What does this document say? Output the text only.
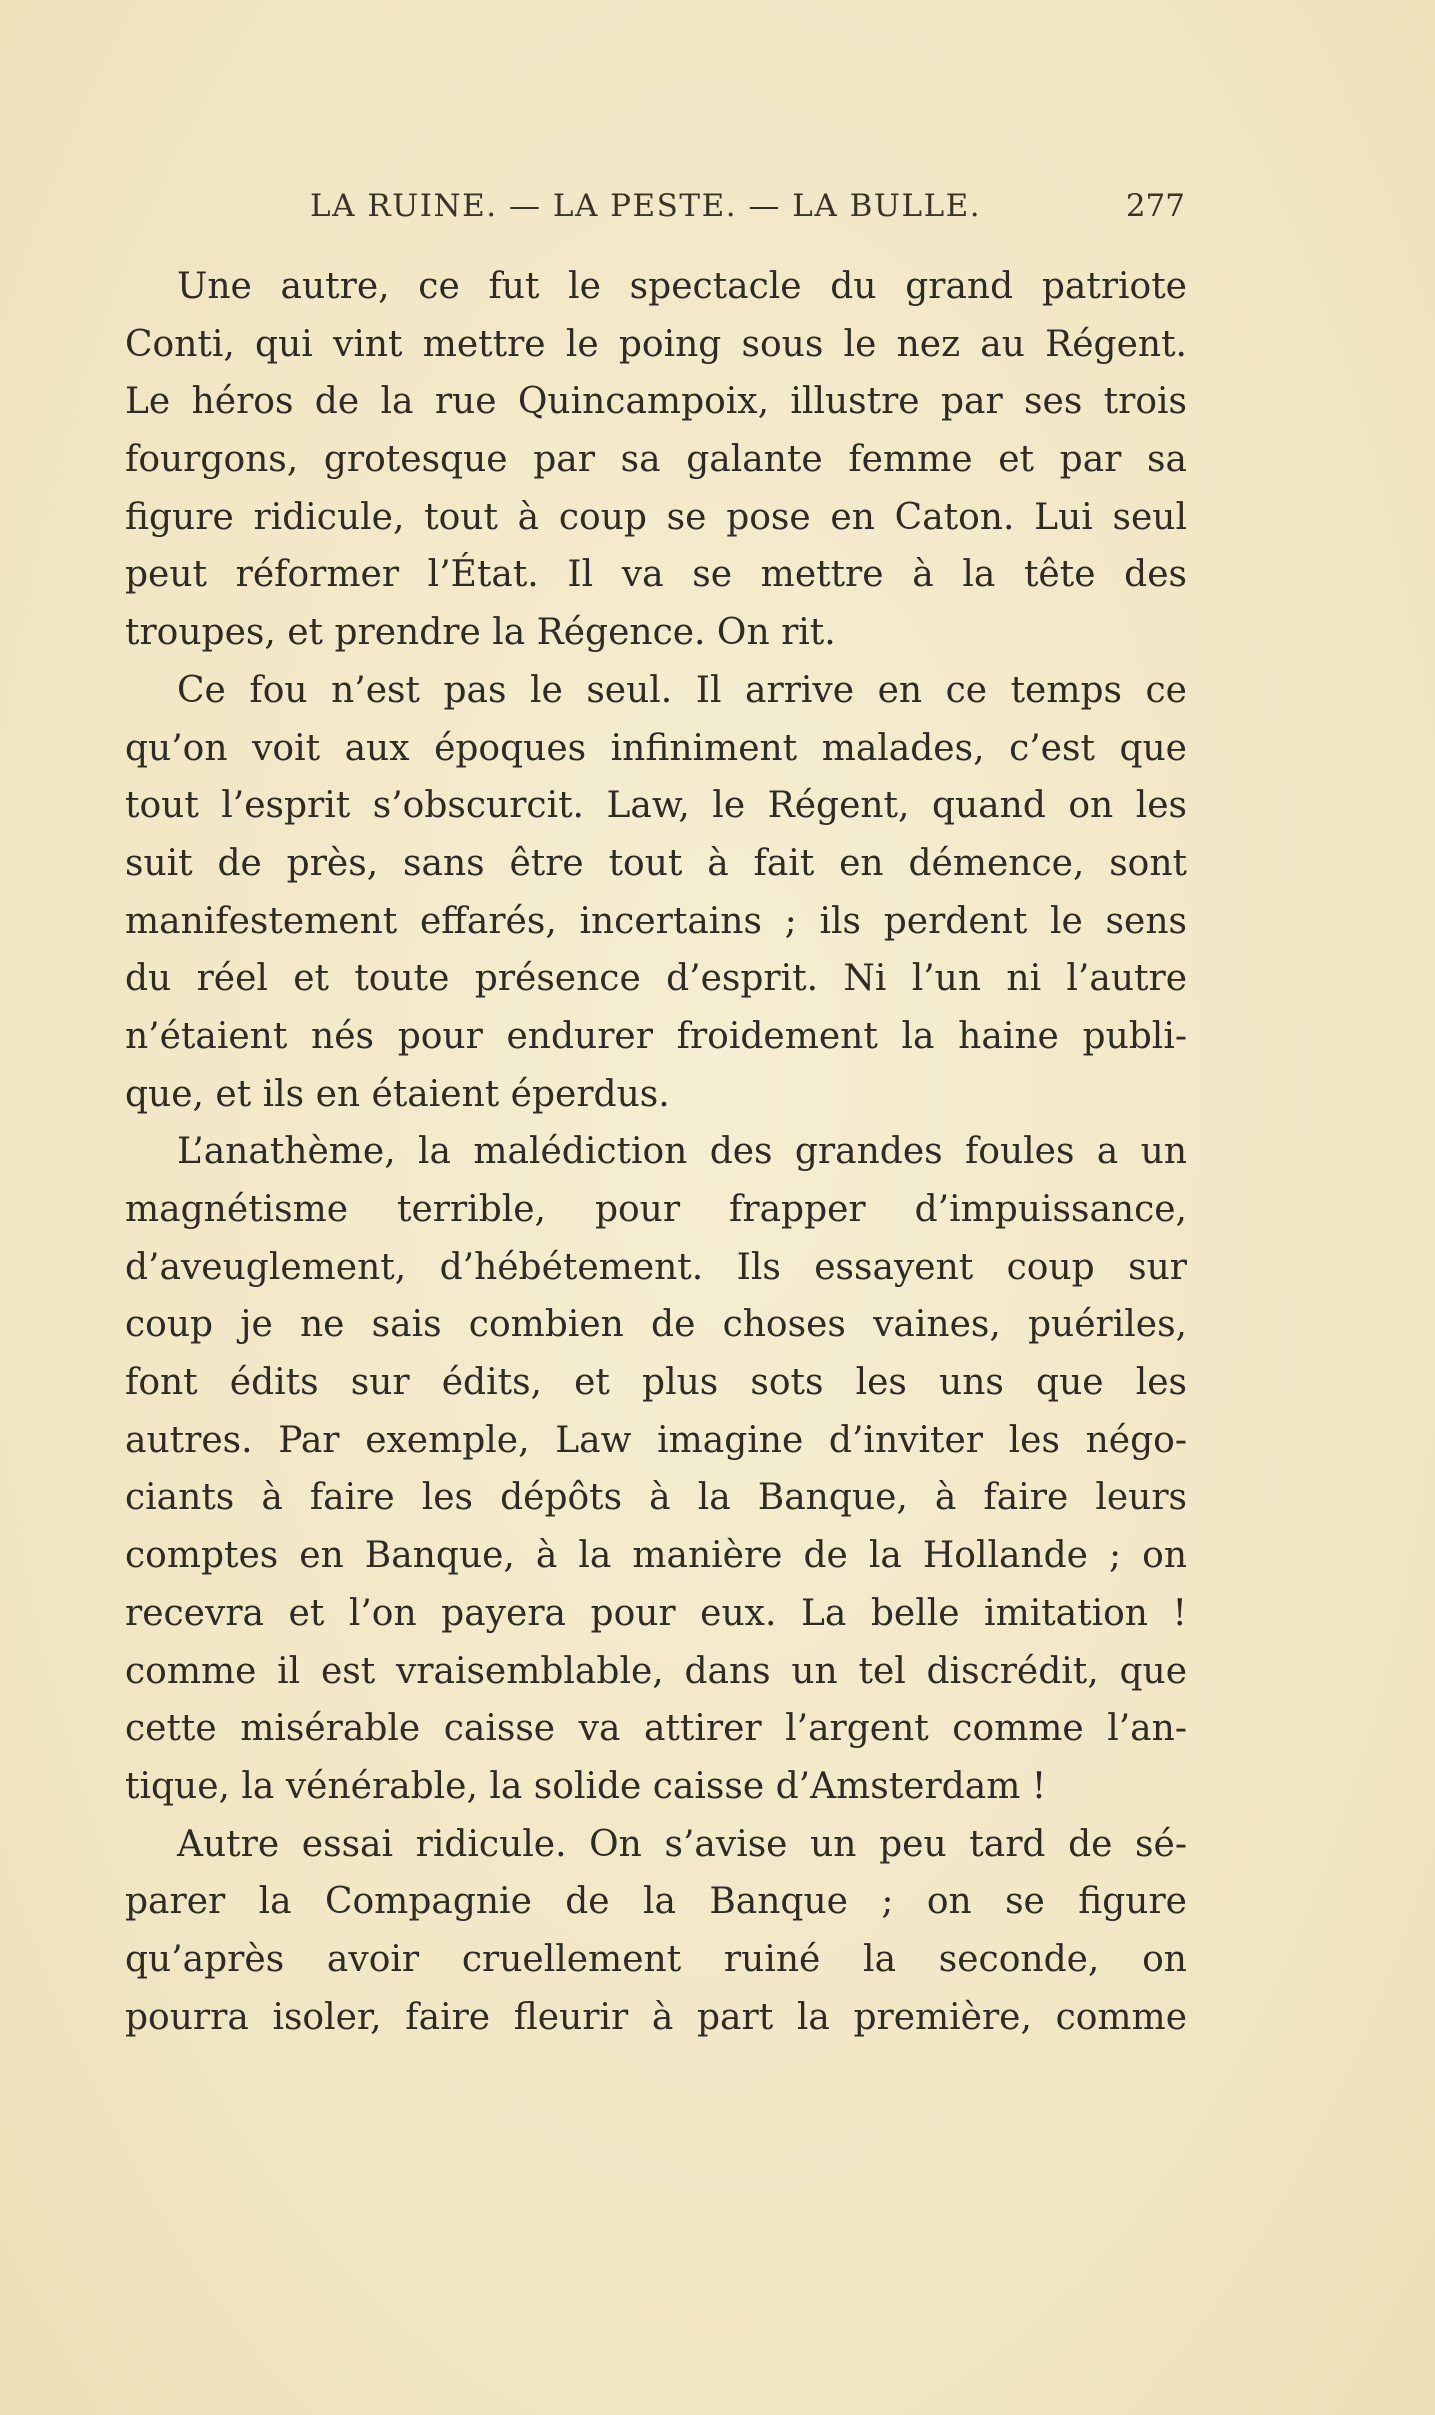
LA RUINE. — LA PESTE. — LA BULLE.	277

Une autre, ce fut le spectacle du grand patriote
Conti, qui vint mettre le poing sous le nez au Régent.
Le héros de la rue Quincampoix, illustre par ses trois
fourgons, grotesque par sa galante femme et par sa
figure ridicule, tout à coup se pose en Caton. Lui seul
peut réformer l’État. Il va se mettre à la tête des
troupes, et prendre la Régence. On rit.

Ce fou n’est pas le seul. Il arrive en ce temps ce
qu’on voit aux époques infiniment malades, c’est que
tout l’esprit s’obscurcit. Law, le Régent, quand on les
suit de près, sans être tout à fait en démence, sont
manifestement effarés, incertains ; ils perdent le sens
du réel et toute présence d’esprit. Ni l’un ni l’autre
n’étaient nés pour endurer froidement la haine publi-
que, et ils en étaient éperdus.

L’anathème, la malédiction des grandes foules a un
magnétisme terrible, pour frapper d’impuissance,
d’aveuglement, d’hébétement. Ils essayent coup sur
coup je ne sais combien de choses vaines, puériles,
font édits sur édits, et plus sots les uns que les
autres. Par exemple, Law imagine d’inviter les négo-
ciants à faire les dépôts à la Banque, à faire leurs
comptes en Banque, à la manière de la Hollande ; on
recevra et l’on payera pour eux. La belle imitation !
comme il est vraisemblable, dans un tel discrédit, que
cette misérable caisse va attirer l’argent comme l’an-
tique, la vénérable, la solide caisse d’Amsterdam !

Autre essai ridicule. On s’avise un peu tard de sé-
parer la Compagnie de la Banque ; on se figure
qu’après avoir cruellement ruiné la seconde, on
pourra isoler, faire fleurir à part la première, comme
